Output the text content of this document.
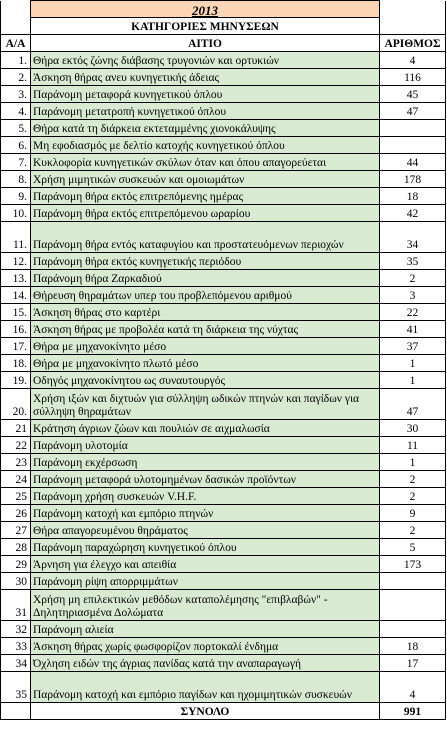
	2013	
	ΚΑΤΗΓΟΡΙΕΣ ΜΗΝΥΣΕΩΝ	
Α/Α	ΑΙΤΙΟ	ΑΡΙΘΜΟΣ
1.	Θήρα εκτός ζώνης διάβασης τρυγονιών και ορτυκιών	4
2.	Άσκηση θήρας ανευ κυνηγετικής άδειας	116
3.	Παράνομη μεταφορά κυνηγετικού όπλου	45
4.	Παράνομη μετατροπή κυνηγετικού όπλου	47
5.	Θήρα κατά τη διάρκεια εκτεταμμένης χιονοκάλυψης	
6.	Μη εφοδιασμός με δελτίο κατοχής κυνηγετικού όπλου	
7.	Κυκλοφορία κυνηγετικών σκύλων όταν και όπου απαγορεύεται	44
8.	Χρήση μιμητικών συσκευών και ομοιωμάτων	178
9.	Παράνομη θήρα εκτός επιτρεπόμενης ημέρας	18
10.	Παράνομη θήρα εκτός επιτρεπόμενου ωραρίου	42
11.	Παράνομη θήρα εντός καταφυγίου και προστατευόμενων περιοχών	34
12.	Παράνομη θήρα εκτός κυνηγετικής περιόδου	35
13.	Παράνομη θήρα Ζαρκαδιού	2
14.	Θήρευση θηραμάτων υπερ του προβλεπόμενου αριθμού	3
15.	Άσκηση θήρας στο καρτέρι	22
16.	Άσκηση θήρας με προβολέα κατά τη διάρκεια της νύχτας	41
17.	Θήρα με μηχανοκίνητο μέσο	37
18.	Θήρα με μηχανοκίνητο πλωτό μέσο	1
19.	Οδηγός μηχανοκίνητου ως συναυτουργός	1
20.	Χρήση ιξών και διχτυών για σύλληψη ωδικών πτηνών και παγίδων για σύλληψη θηραμάτων	47
21	Κράτηση άγριων ζώων και πουλιών σε αιχμαλωσία	30
22	Παράνομη υλοτομία	11
23	Παράνομη εκχέρσωση	1
24	Παράνομη μεταφορά υλοτομημένων δασικών προϊόντων	2
25	Παράνομη χρήση συσκευών V.H.F.	2
26	Παράνομη κατοχή και εμπόριο πτηνών	9
27	Θήρα απαγορευμένου θηράματος	2
28	Παράνομη παραχώρηση κυνηγετικού όπλου	5
29	Άρνηση για έλεγχο και απειθία	173
30	Παράνομη ρίψη απορριμμάτων	
31	Χρήση μη επιλεκτικών μεθόδων καταπολέμησης "επιβλαβών" - Δηλητηριασμένα Δολώματα	
32	Παράνομη αλιεία	
33	Άσκηση θήρας χωρίς φωσφορίζον πορτοκαλί ένδημα	18
34	Όχληση ειδών της άγριας πανίδας κατά την αναπαραγωγή	17
35	Παράνομη κατοχή και εμπόριο παγίδων και ηχομιμητικών συσκευών	4
	ΣΥΝΟΛΟ	991
